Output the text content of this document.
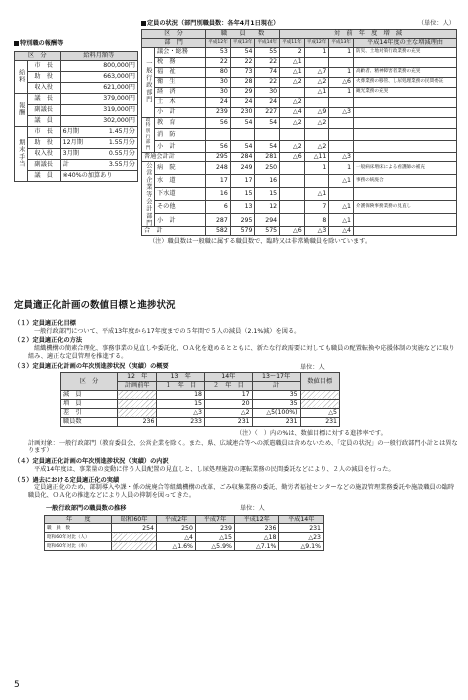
特別職の報酬等
区　分		給料月額等	
給料	市　長	800,000円	
	助　役	663,000円	
	収入役	621,000円	
報酬	議　長	379,000円	
	副議長	319,000円	
	議　員	302,000円	
期末手当	市　長	6月期	1.45月分
	助　役	12月期	1.55月分
	収入役	3月期	0.55月分
	副議長	計	3.55月分
	議　員	※40%の加算あり	
定員の状況（部門別職員数：各年4月1日現在）	（単位：人）
区　分		職　　員　　数			対　前　年　度　増　減			
部　門		平成12年	平成13年	平成14年	平成11年	平成12年	平成13年	平成14年度の主な増減理由
一般行政部門	議会・総務	53	54	55	2	1	1	防災、土地対策行政業務の充実
	税　務	22	22	22	△1			
	福　祉	80	73	74	△1	△7	1	高齢者、精神障害者業務の充実
	衛　生	30	28	22	△2	△2	△6	火葬業務の移管、し尿処理業務の民間委託
	経　済	30	29	30		△1	1	観光業務の充実
	土　木	24	24	24	△2			
	小　計	239	230	227	△4	△9	△3	
政特別行部門	教　育	56	54	54	△2	△2		
	消　防							
	小　計	56	54	54	△2	△2		
普通会計計		295	284	281	△6	△11	△3	
公営企業等会計部門	病　院	248	249	250		1	1	一般病床増床による看護師の補充
	水　道	17	17	16			△1	事務の統廃合
	下水道	16	15	15		△1		
	その他	6	13	12		7	△1	介護保険事務業務の見直し
	小　計	287	295	294		8	△1	
合　計		582	579	575	△6	△3	△4	
（注）職員数は一般職に属する職員数で、臨時又は非常勤職員を除いています。
定員適正化計画の数値目標と進捗状況
（１）定員適正化目標
一般行政部門について、平成13年度から17年度までの５年間で５人の減員（2.1%減）を図る。
（２）定員適正化の方法
組織機構の簡素合理化、事務事業の見直しや委託化、ＯＡ化を進めるとともに、新たな行政需要に対しても職員の配置転換や応援体制の実施などに取り組み、適正な定員管理を推進する。
（３）定員適正化計画の年次別進捗状況（実績）の概要	単位：人
区　分	12　年	13　年	14年	13～17年	数値目標
	計画前年	１　年　目	２　年　目	計	
減　員		18	17	35	
増　員		15	20	35	
差　引		△3	△2	△5(100%)	△5
職員数	236	233	231	231	231
（注）（　）内の%は、数値目標に対する進捗率です。
計画対象：一般行政部門（教育委員会、公営企業を除く。また、県、広域連合等への派遣職員は含めないため、「定員の状況」の一般行政部門小計とは異なります）
（４）定員適正化計画の年次別進捗状況（実績）の内訳
平成14年度は、事業量の変動に伴う人員配置の見直しと、し尿処理施設の運転業務の民間委託などにより、２人の減員を行った。
（５）過去における定員適正化の実績
定員適正化のため、部制導入や課・係の統廃合等組織機構の改革、ごみ収集業務の委託、勤労者福祉センターなどの施設管理業務委託や施設職員の臨時職員化、ＯＡ化の推進などにより人員の抑制を図ってきた。
一般行政部門の職員数の推移	単位：人
年　　度	昭和60年	平成2年	平成7年	平成12年	平成14年
職　員　数	254	250	239	236	231
昭和60年対比（人）		△4	△15	△18	△23
昭和60年対比（率）		△1.6%	△5.9%	△7.1%	△9.1%
5
